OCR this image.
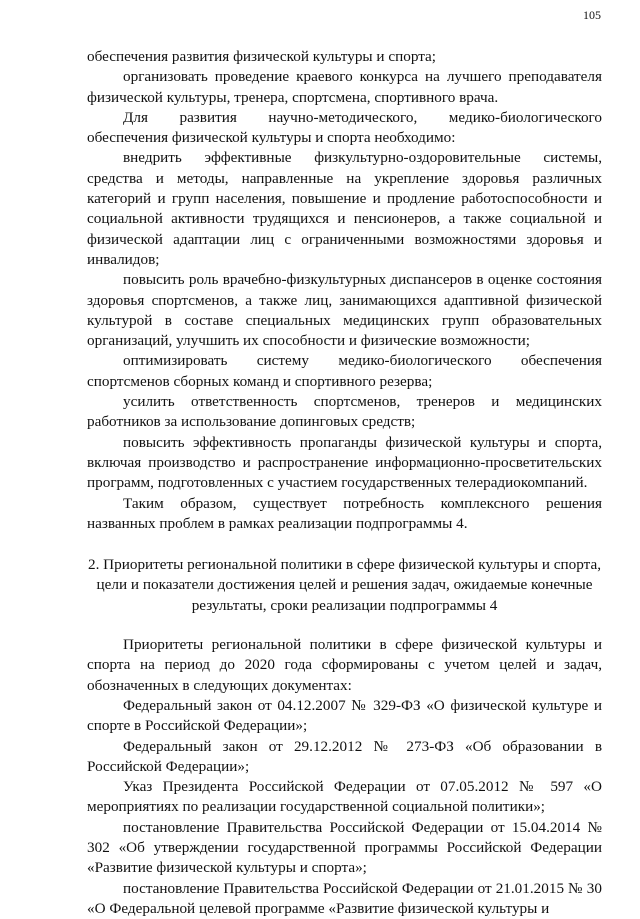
105

обеспечения развития физической культуры и спорта;

организовать проведение краевого конкурса на лучшего преподавателя физической культуры, тренера, спортсмена, спортивного врача.

Для развития научно-методического, медико-биологического обеспечения физической культуры и спорта необходимо:

внедрить эффективные физкультурно-оздоровительные системы, средства и методы, направленные на укрепление здоровья различных категорий и групп населения, повышение и продление работоспособности и социальной активности трудящихся и пенсионеров, а также социальной и физической адаптации лиц с ограниченными возможностями здоровья и инвалидов;

повысить роль врачебно-физкультурных диспансеров в оценке состояния здоровья спортсменов, а также лиц, занимающихся адаптивной физической культурой в составе специальных медицинских групп образовательных организаций, улучшить их способности и физические возможности;

оптимизировать систему медико-биологического обеспечения спортсменов сборных команд и спортивного резерва;

усилить ответственность спортсменов, тренеров и медицинских работников за использование допинговых средств;

повысить эффективность пропаганды физической культуры и спорта, включая производство и распространение информационно-просветительских программ, подготовленных с участием государственных телерадиокомпаний.

Таким образом, существует потребность комплексного решения названных проблем в рамках реализации подпрограммы 4.

2. Приоритеты региональной политики в сфере физической культуры и спорта, цели и показатели достижения целей и решения задач, ожидаемые конечные результаты, сроки реализации подпрограммы 4

Приоритеты региональной политики в сфере физической культуры и спорта на период до 2020 года сформированы с учетом целей и задач, обозначенных в следующих документах:

Федеральный закон от 04.12.2007 № 329-ФЗ «О физической культуре и спорте в Российской Федерации»;

Федеральный закон от 29.12.2012 № 273-ФЗ «Об образовании в Российской Федерации»;

Указ Президента Российской Федерации от 07.05.2012 № 597 «О мероприятиях по реализации государственной социальной политики»;

постановление Правительства Российской Федерации от 15.04.2014 № 302 «Об утверждении государственной программы Российской Федерации «Развитие физической культуры и спорта»;

постановление Правительства Российской Федерации от 21.01.2015 № 30 «О Федеральной целевой программе «Развитие физической культуры и
